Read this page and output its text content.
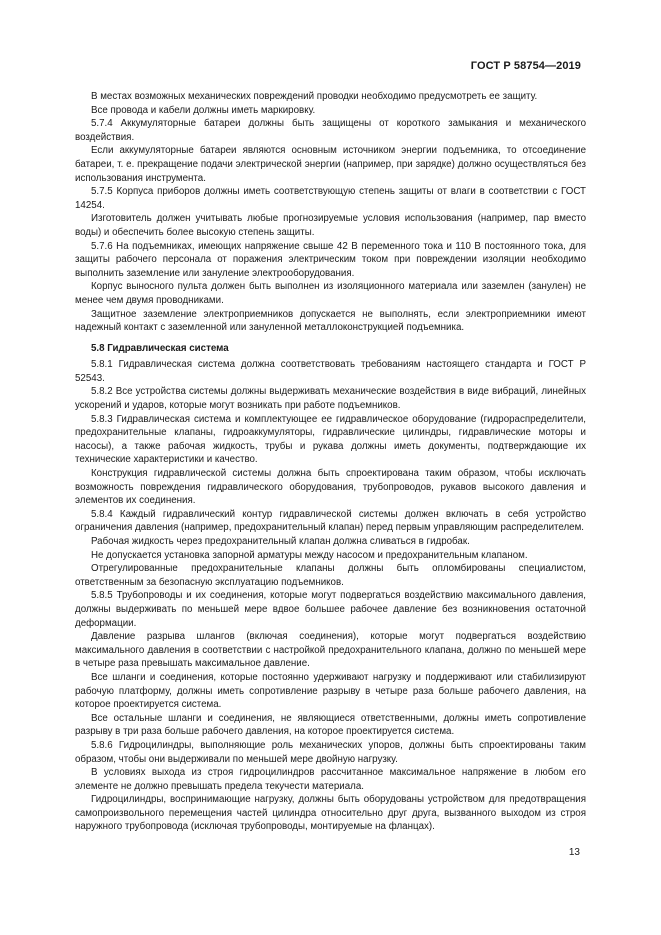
ГОСТ Р 58754—2019

В местах возможных механических повреждений проводки необходимо предусмотреть ее защиту.

Все провода и кабели должны иметь маркировку.

5.7.4 Аккумуляторные батареи должны быть защищены от короткого замыкания и механического воздействия.

Если аккумуляторные батареи являются основным источником энергии подъемника, то отсоединение батареи, т. е. прекращение подачи электрической энергии (например, при зарядке) должно осуществляться без использования инструмента.

5.7.5 Корпуса приборов должны иметь соответствующую степень защиты от влаги в соответствии с ГОСТ 14254.

Изготовитель должен учитывать любые прогнозируемые условия использования (например, пар вместо воды) и обеспечить более высокую степень защиты.

5.7.6 На подъемниках, имеющих напряжение свыше 42 В переменного тока и 110 В постоянного тока, для защиты рабочего персонала от поражения электрическим током при повреждении изоляции необходимо выполнить заземление или зануление электрооборудования.

Корпус выносного пульта должен быть выполнен из изоляционного материала или заземлен (занулен) не менее чем двумя проводниками.

Защитное заземление электроприемников допускается не выполнять, если электроприемники имеют надежный контакт с заземленной или зануленной металлоконструкцией подъемника.

5.8 Гидравлическая система

5.8.1 Гидравлическая система должна соответствовать требованиям настоящего стандарта и ГОСТ Р 52543.

5.8.2 Все устройства системы должны выдерживать механические воздействия в виде вибраций, линейных ускорений и ударов, которые могут возникать при работе подъемников.

5.8.3 Гидравлическая система и комплектующее ее гидравлическое оборудование (гидрораспределители, предохранительные клапаны, гидроаккумуляторы, гидравлические цилиндры, гидравлические моторы и насосы), а также рабочая жидкость, трубы и рукава должны иметь документы, подтверждающие их технические характеристики и качество.

Конструкция гидравлической системы должна быть спроектирована таким образом, чтобы исключать возможность повреждения гидравлического оборудования, трубопроводов, рукавов высокого давления и элементов их соединения.

5.8.4 Каждый гидравлический контур гидравлической системы должен включать в себя устройство ограничения давления (например, предохранительный клапан) перед первым управляющим распределителем.

Рабочая жидкость через предохранительный клапан должна сливаться в гидробак.

Не допускается установка запорной арматуры между насосом и предохранительным клапаном.

Отрегулированные предохранительные клапаны должны быть опломбированы специалистом, ответственным за безопасную эксплуатацию подъемников.

5.8.5 Трубопроводы и их соединения, которые могут подвергаться воздействию максимального давления, должны выдерживать по меньшей мере вдвое большее рабочее давление без возникновения остаточной деформации.

Давление разрыва шлангов (включая соединения), которые могут подвергаться воздействию максимального давления в соответствии с настройкой предохранительного клапана, должно по меньшей мере в четыре раза превышать максимальное давление.

Все шланги и соединения, которые постоянно удерживают нагрузку и поддерживают или стабилизируют рабочую платформу, должны иметь сопротивление разрыву в четыре раза больше рабочего давления, на которое проектируется система.

Все остальные шланги и соединения, не являющиеся ответственными, должны иметь сопротивление разрыву в три раза больше рабочего давления, на которое проектируется система.

5.8.6 Гидроцилиндры, выполняющие роль механических упоров, должны быть спроектированы таким образом, чтобы они выдерживали по меньшей мере двойную нагрузку.

В условиях выхода из строя гидроцилиндров рассчитанное максимальное напряжение в любом его элементе не должно превышать предела текучести материала.

Гидроцилиндры, воспринимающие нагрузку, должны быть оборудованы устройством для предотвращения самопроизвольного перемещения частей цилиндра относительно друг друга, вызванного выходом из строя наружного трубопровода (исключая трубопроводы, монтируемые на фланцах).

13
